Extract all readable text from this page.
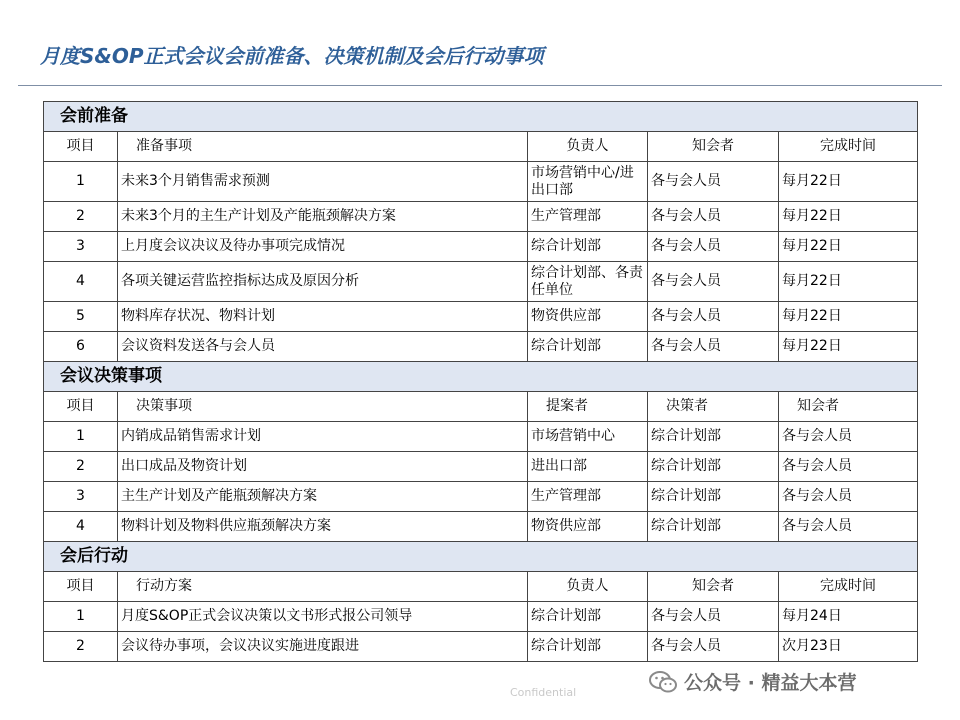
月度S&OP正式会议会前准备、决策机制及会后行动事项
会前准备				
项目	准备事项	负责人	知会者	完成时间
1	未来3个月销售需求预测	市场营销中心/进出口部	各与会人员	每月22日
2	未来3个月的主生产计划及产能瓶颈解决方案	生产管理部	各与会人员	每月22日
3	上月度会议决议及待办事项完成情况	综合计划部	各与会人员	每月22日
4	各项关键运营监控指标达成及原因分析	综合计划部、各责任单位	各与会人员	每月22日
5	物料库存状况、物料计划	物资供应部	各与会人员	每月22日
6	会议资料发送各与会人员	综合计划部	各与会人员	每月22日
会议决策事项				
项目	决策事项	提案者	决策者	知会者
1	内销成品销售需求计划	市场营销中心	综合计划部	各与会人员
2	出口成品及物资计划	进出口部	综合计划部	各与会人员
3	主生产计划及产能瓶颈解决方案	生产管理部	综合计划部	各与会人员
4	物料计划及物料供应瓶颈解决方案	物资供应部	综合计划部	各与会人员
会后行动				
项目	行动方案	负责人	知会者	完成时间
1	月度S&OP正式会议决策以文书形式报公司领导	综合计划部	各与会人员	每月24日
2	会议待办事项，会议决议实施进度跟进	综合计划部	各与会人员	次月23日
Confidential	公众号 · 精益大本营
